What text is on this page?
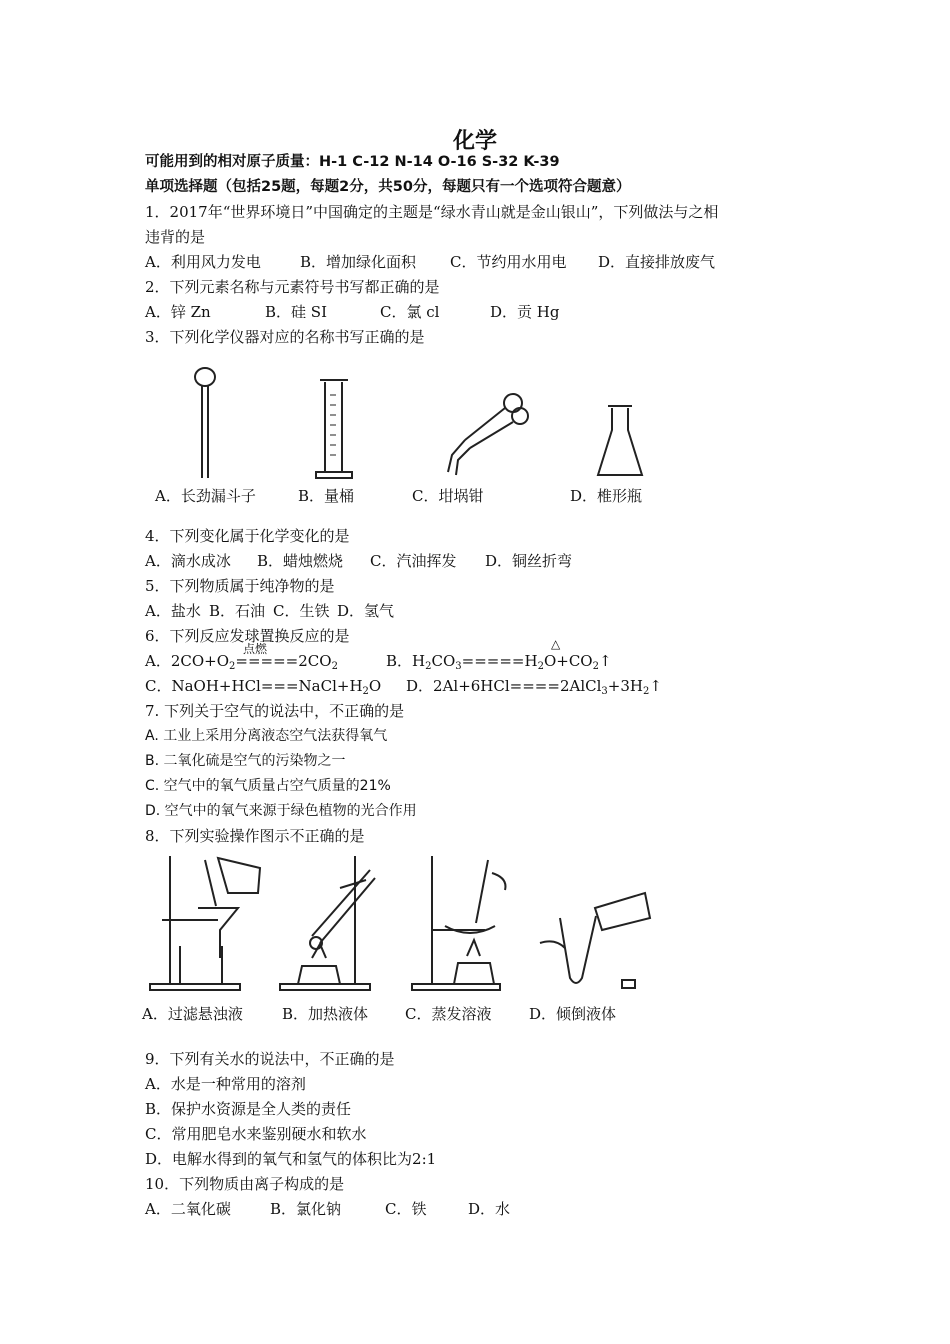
化学
可能用到的相对原子质量：H-1 C-12 N-14 O-16 S-32 K-39
单项选择题（包括25题，每题2分，共50分，每题只有一个选项符合题意）
1．2017年“世界环境日”中国确定的主题是“绿水青山就是金山银山”，下列做法与之相
违背的是
A．利用风力发电	B．增加绿化面积 C．节约用水用电 D．直接排放废气
2．下列元素名称与元素符号书写都正确的是
A．锌 Zn	B．硅 SI	C．氯 cl	D．贡 Hg
3．下列化学仪器对应的名称书写正确的是
A．长劲漏斗子	B．量桶	C．坩埚钳	D．椎形瓶
4．下列变化属于化学变化的是
A．滴水成冰 B．蜡烛燃烧 C．汽油挥发 D．铜丝折弯
5．下列物质属于纯净物的是
A．盐水 B．石油 C．生铁 D．氢气
6．下列反应发球置换反应的是
点燃	△
A．$2CO+O_2=====2CO_2$	B．$H_2CO_3=====H_2O+CO_2↑$
C．$NaOH+HCl===NaCl+H_2O$ D．$2Al+6HCl====2AlCl_3+3H_2↑$
7. 下列关于空气的说法中，不正确的是
A. 工业上采用分离液态空气法获得氧气
B. 二氧化硫是空气的污染物之一
C. 空气中的氧气质量占空气质量的21%
D. 空气中的氧气来源于绿色植物的光合作用
8．下列实验操作图示不正确的是
A．过滤悬浊液	B．加热液体 C．蒸发溶液	D．倾倒液体
9．下列有关水的说法中，不正确的是
A．水是一种常用的溶剂
B．保护水资源是全人类的责任
C．常用肥皂水来鉴别硬水和软水
D．电解水得到的氧气和氢气的体积比为2:1
10．下列物质由离子构成的是
A．二氧化碳	B．氯化钠	C．铁	D．水
